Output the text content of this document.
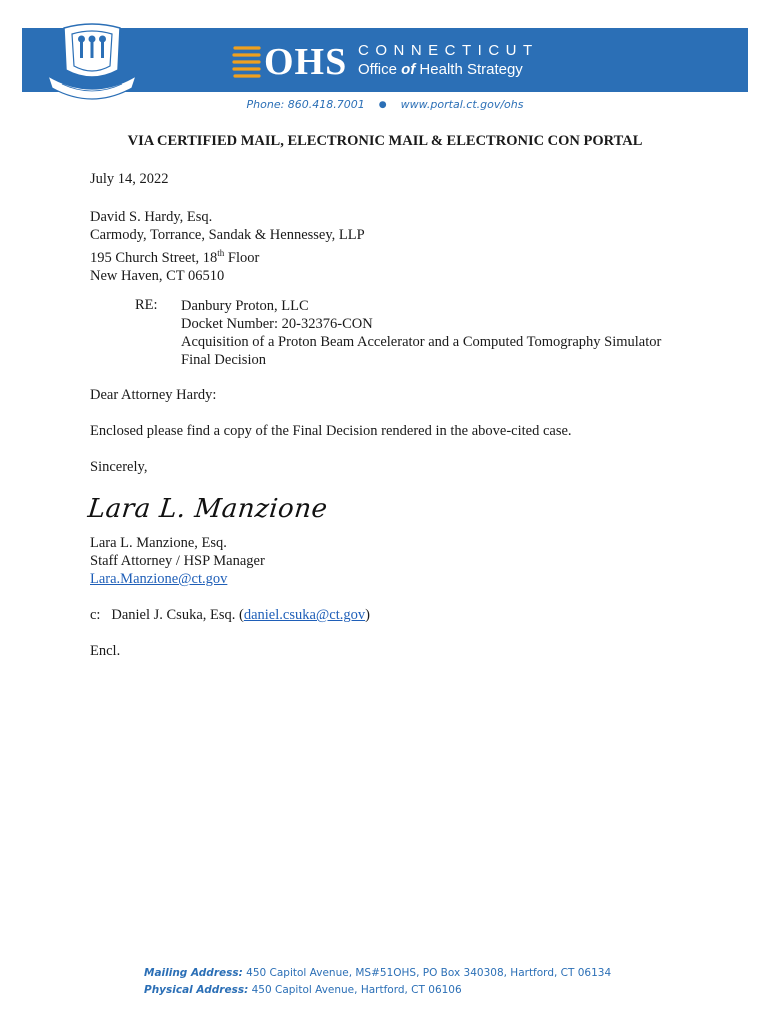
OHS CONNECTICUT
Office of Health Strategy
Phone: 860.418.7001 ● www.portal.ct.gov/ohs
VIA CERTIFIED MAIL, ELECTRONIC MAIL & ELECTRONIC CON PORTAL

July 14, 2022

David S. Hardy, Esq.
Carmody, Torrance, Sandak & Hennessey, LLP
195 Church Street, 18th Floor
New Haven, CT 06510
RE: Danbury Proton, LLC
Docket Number: 20-32376-CON
Acquisition of a Proton Beam Accelerator and a Computed Tomography Simulator
Final Decision

Dear Attorney Hardy:

Enclosed please find a copy of the Final Decision rendered in the above-cited case.

Sincerely,

Lara L. Manzione
Lara L. Manzione, Esq.
Staff Attorney / HSP Manager
Lara.Manzione@ct.gov
c: Daniel J. Csuka, Esq. (daniel.csuka@ct.gov)

Encl.

Mailing Address: 450 Capitol Avenue, MS#51OHS, PO Box 340308, Hartford, CT 06134
Physical Address: 450 Capitol Avenue, Hartford, CT 06106
